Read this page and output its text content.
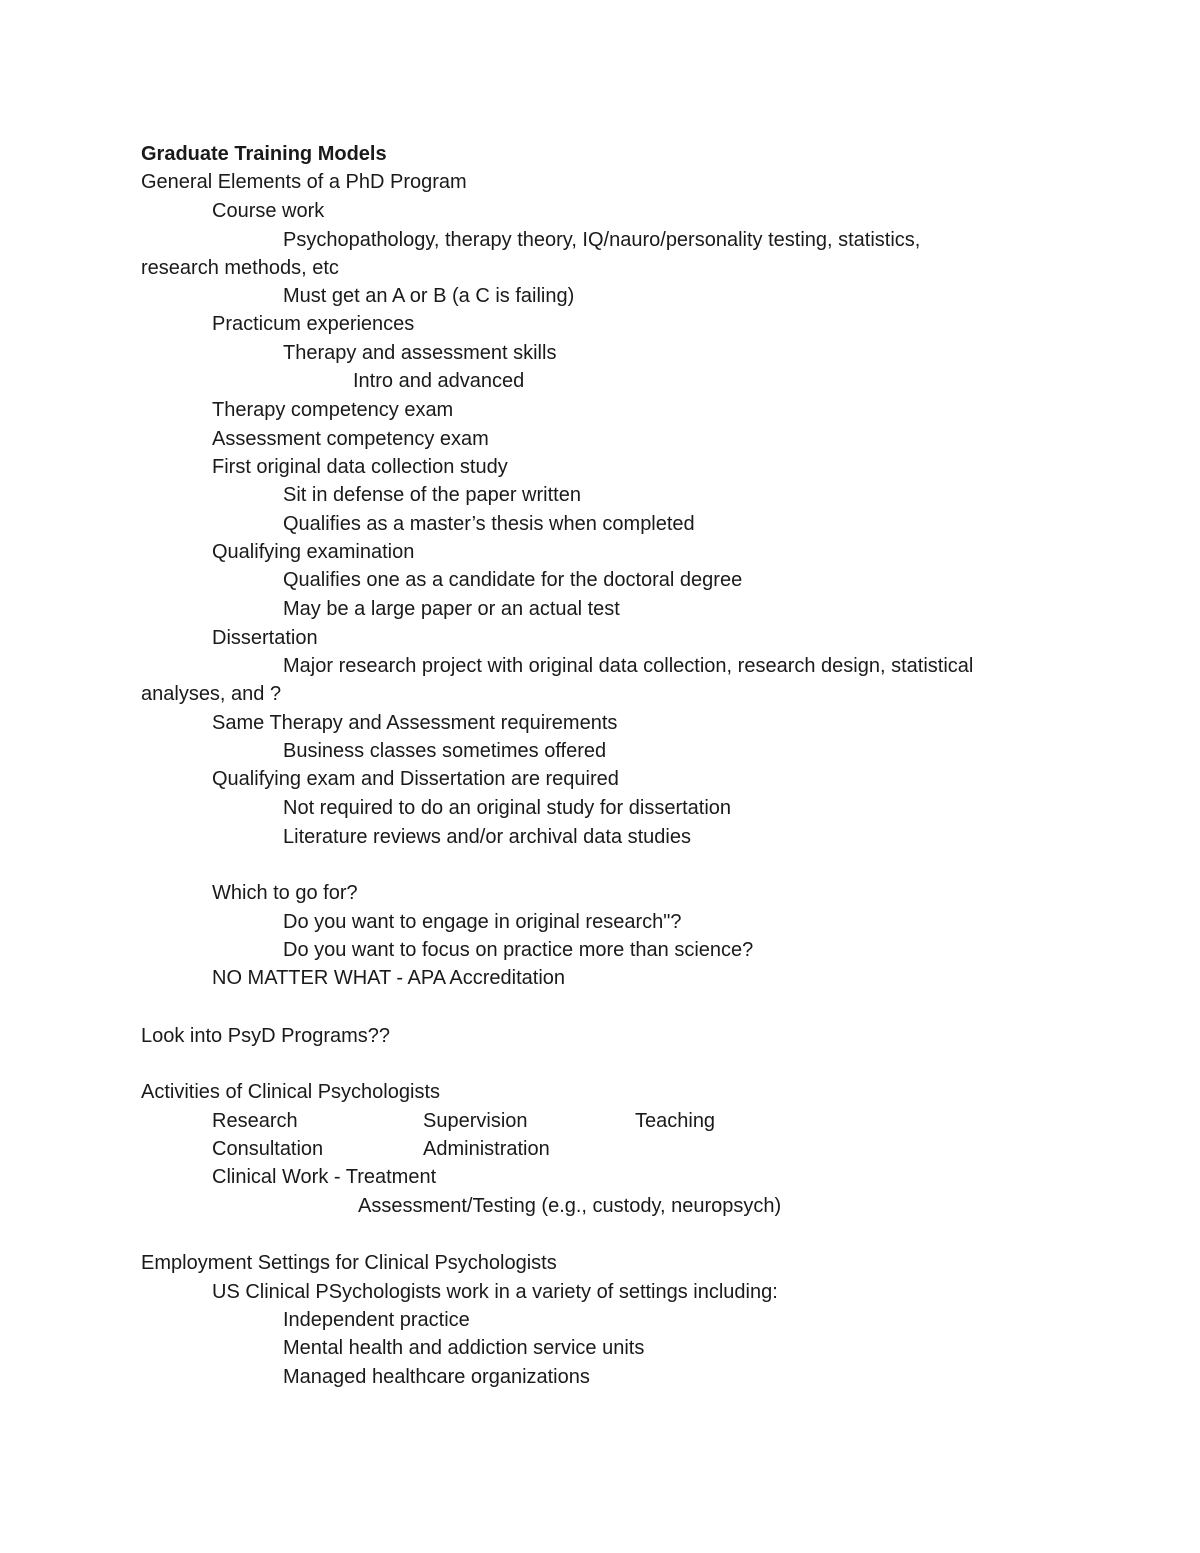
Graduate Training Models
General Elements of a PhD Program
Course work
Psychopathology, therapy theory, IQ/nauro/personality testing, statistics,
research methods, etc
Must get an A or B (a C is failing)
Practicum experiences
Therapy and assessment skills
Intro and advanced
Therapy competency exam
Assessment competency exam
First original data collection study
Sit in defense of the paper written
Qualifies as a master’s thesis when completed
Qualifying examination
Qualifies one as a candidate for the doctoral degree
May be a large paper or an actual test
Dissertation
Major research project with original data collection, research design, statistical
analyses, and ?
Same Therapy and Assessment requirements
Business classes sometimes offered
Qualifying exam and Dissertation are required
Not required to do an original study for dissertation
Literature reviews and/or archival data studies
Which to go for?
Do you want to engage in original research"?
Do you want to focus on practice more than science?
NO MATTER WHAT - APA Accreditation
Look into PsyD Programs??
Activities of Clinical Psychologists
Research	Supervision	Teaching
Consultation	Administration
Clinical Work - Treatment
Assessment/Testing (e.g., custody, neuropsych)
Employment Settings for Clinical Psychologists
US Clinical PSychologists work in a variety of settings including:
Independent practice
Mental health and addiction service units
Managed healthcare organizations
